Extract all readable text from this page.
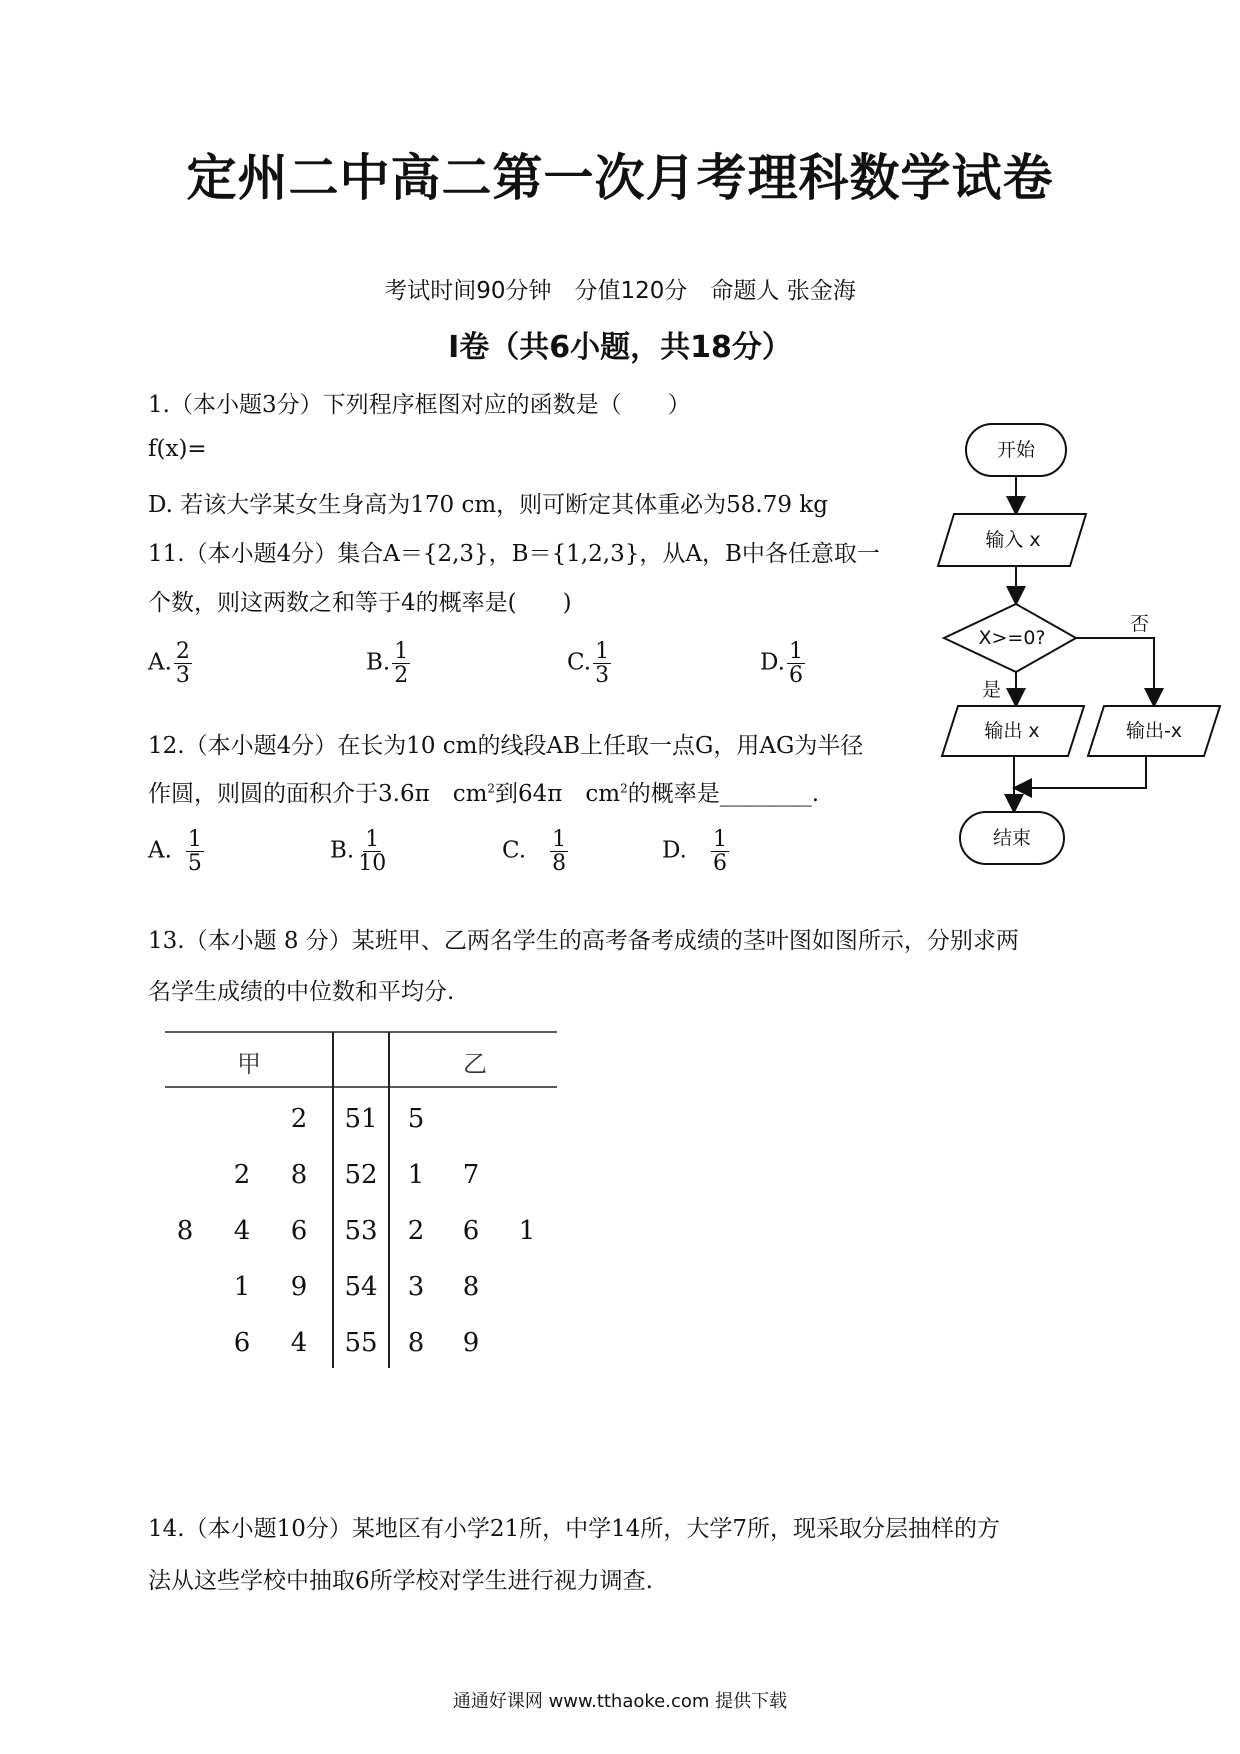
定州二中高二第一次月考理科数学试卷
考试时间90分钟　分值120分　命题人 张金海
Ⅰ卷（共6小题，共18分）
1.（本小题3分）下列程序框图对应的函数是（　　）
f(x)=
D. 若该大学某女生身高为170 cm，则可断定其体重必为58.79 kg
11.（本小题4分）集合A＝{2,3}，B＝{1,2,3}，从A，B中各任意取一
个数，则这两数之和等于4的概率是(　　)
A. $\frac{2}{3}$	B. $\frac{1}{2}$	C. $\frac{1}{3}$	D. $\frac{1}{6}$
12.（本小题4分）在长为10 cm的线段AB上任取一点G，用AG为半径
作圆，则圆的面积介于3.6π　$cm^2$到64π　$cm^2$的概率是________.
A. $\frac{1}{5}$	B. $\frac{1}{10}$	C. $\frac{1}{8}$	D. $\frac{1}{6}$
13.（本小题 8 分）某班甲、乙两名学生的高考备考成绩的茎叶图如图所示，分别求两
名学生成绩的中位数和平均分.
甲	乙
2	51	5
2	8	52	1	7
8	4	6	53	2	6	1
1	9	54	3	8
6	4	55	8	9
14.（本小题10分）某地区有小学21所，中学14所，大学7所，现采取分层抽样的方
法从这些学校中抽取6所学校对学生进行视力调查.
开始
输入 x
X>=0?
否
是
输出 x	输出-x
结束
通通好课网 www.tthaoke.com 提供下载
